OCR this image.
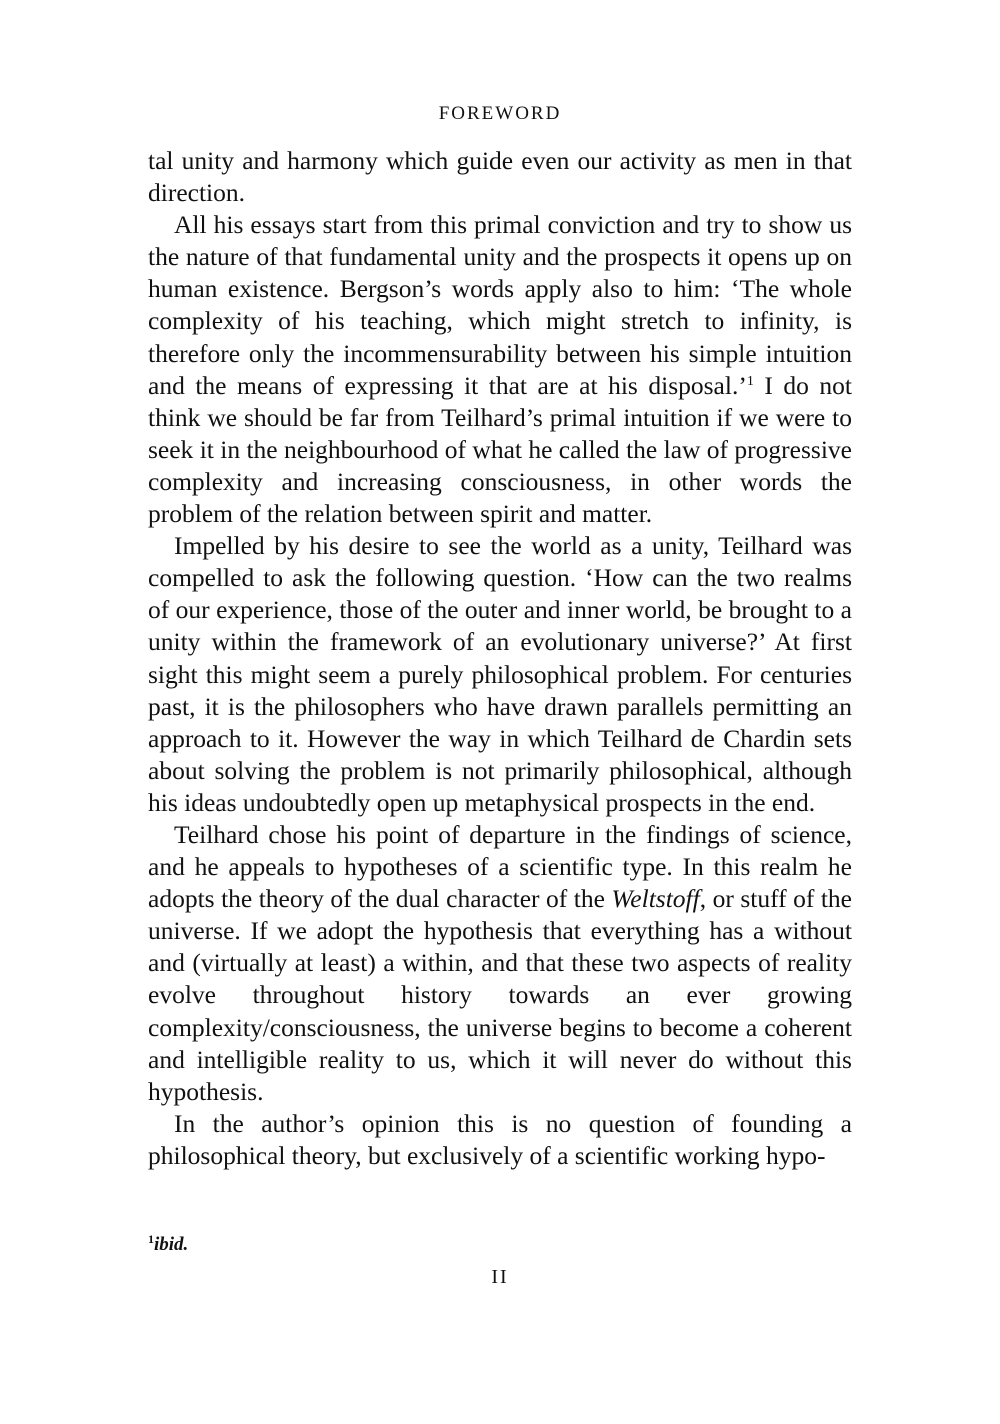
FOREWORD

tal unity and harmony which guide even our activity as men in that direction.

All his essays start from this primal conviction and try to show us the nature of that fundamental unity and the prospects it opens up on human existence. Bergson’s words apply also to him: ‘The whole complexity of his teaching, which might stretch to infinity, is therefore only the incommensurability between his simple intuition and the means of expressing it that are at his disposal.’$^1$ I do not think we should be far from Teilhard’s primal intuition if we were to seek it in the neighbourhood of what he called the law of progressive complexity and increasing consciousness, in other words the problem of the relation between spirit and matter.

Impelled by his desire to see the world as a unity, Teilhard was compelled to ask the following question. ‘How can the two realms of our experience, those of the outer and inner world, be brought to a unity within the framework of an evolutionary universe?’ At first sight this might seem a purely philosophical problem. For centuries past, it is the philosophers who have drawn parallels permitting an approach to it. However the way in which Teilhard de Chardin sets about solving the problem is not primarily philosophical, although his ideas undoubtedly open up metaphysical prospects in the end.

Teilhard chose his point of departure in the findings of science, and he appeals to hypotheses of a scientific type. In this realm he adopts the theory of the dual character of the Weltstoff, or stuff of the universe. If we adopt the hypothesis that everything has a without and (virtually at least) a within, and that these two aspects of reality evolve throughout history towards an ever growing complexity/consciousness, the universe begins to become a coherent and intelligible reality to us, which it will never do without this hypothesis.

In the author’s opinion this is no question of founding a philosophical theory, but exclusively of a scientific working hypo-

$^1$ibid.
II
